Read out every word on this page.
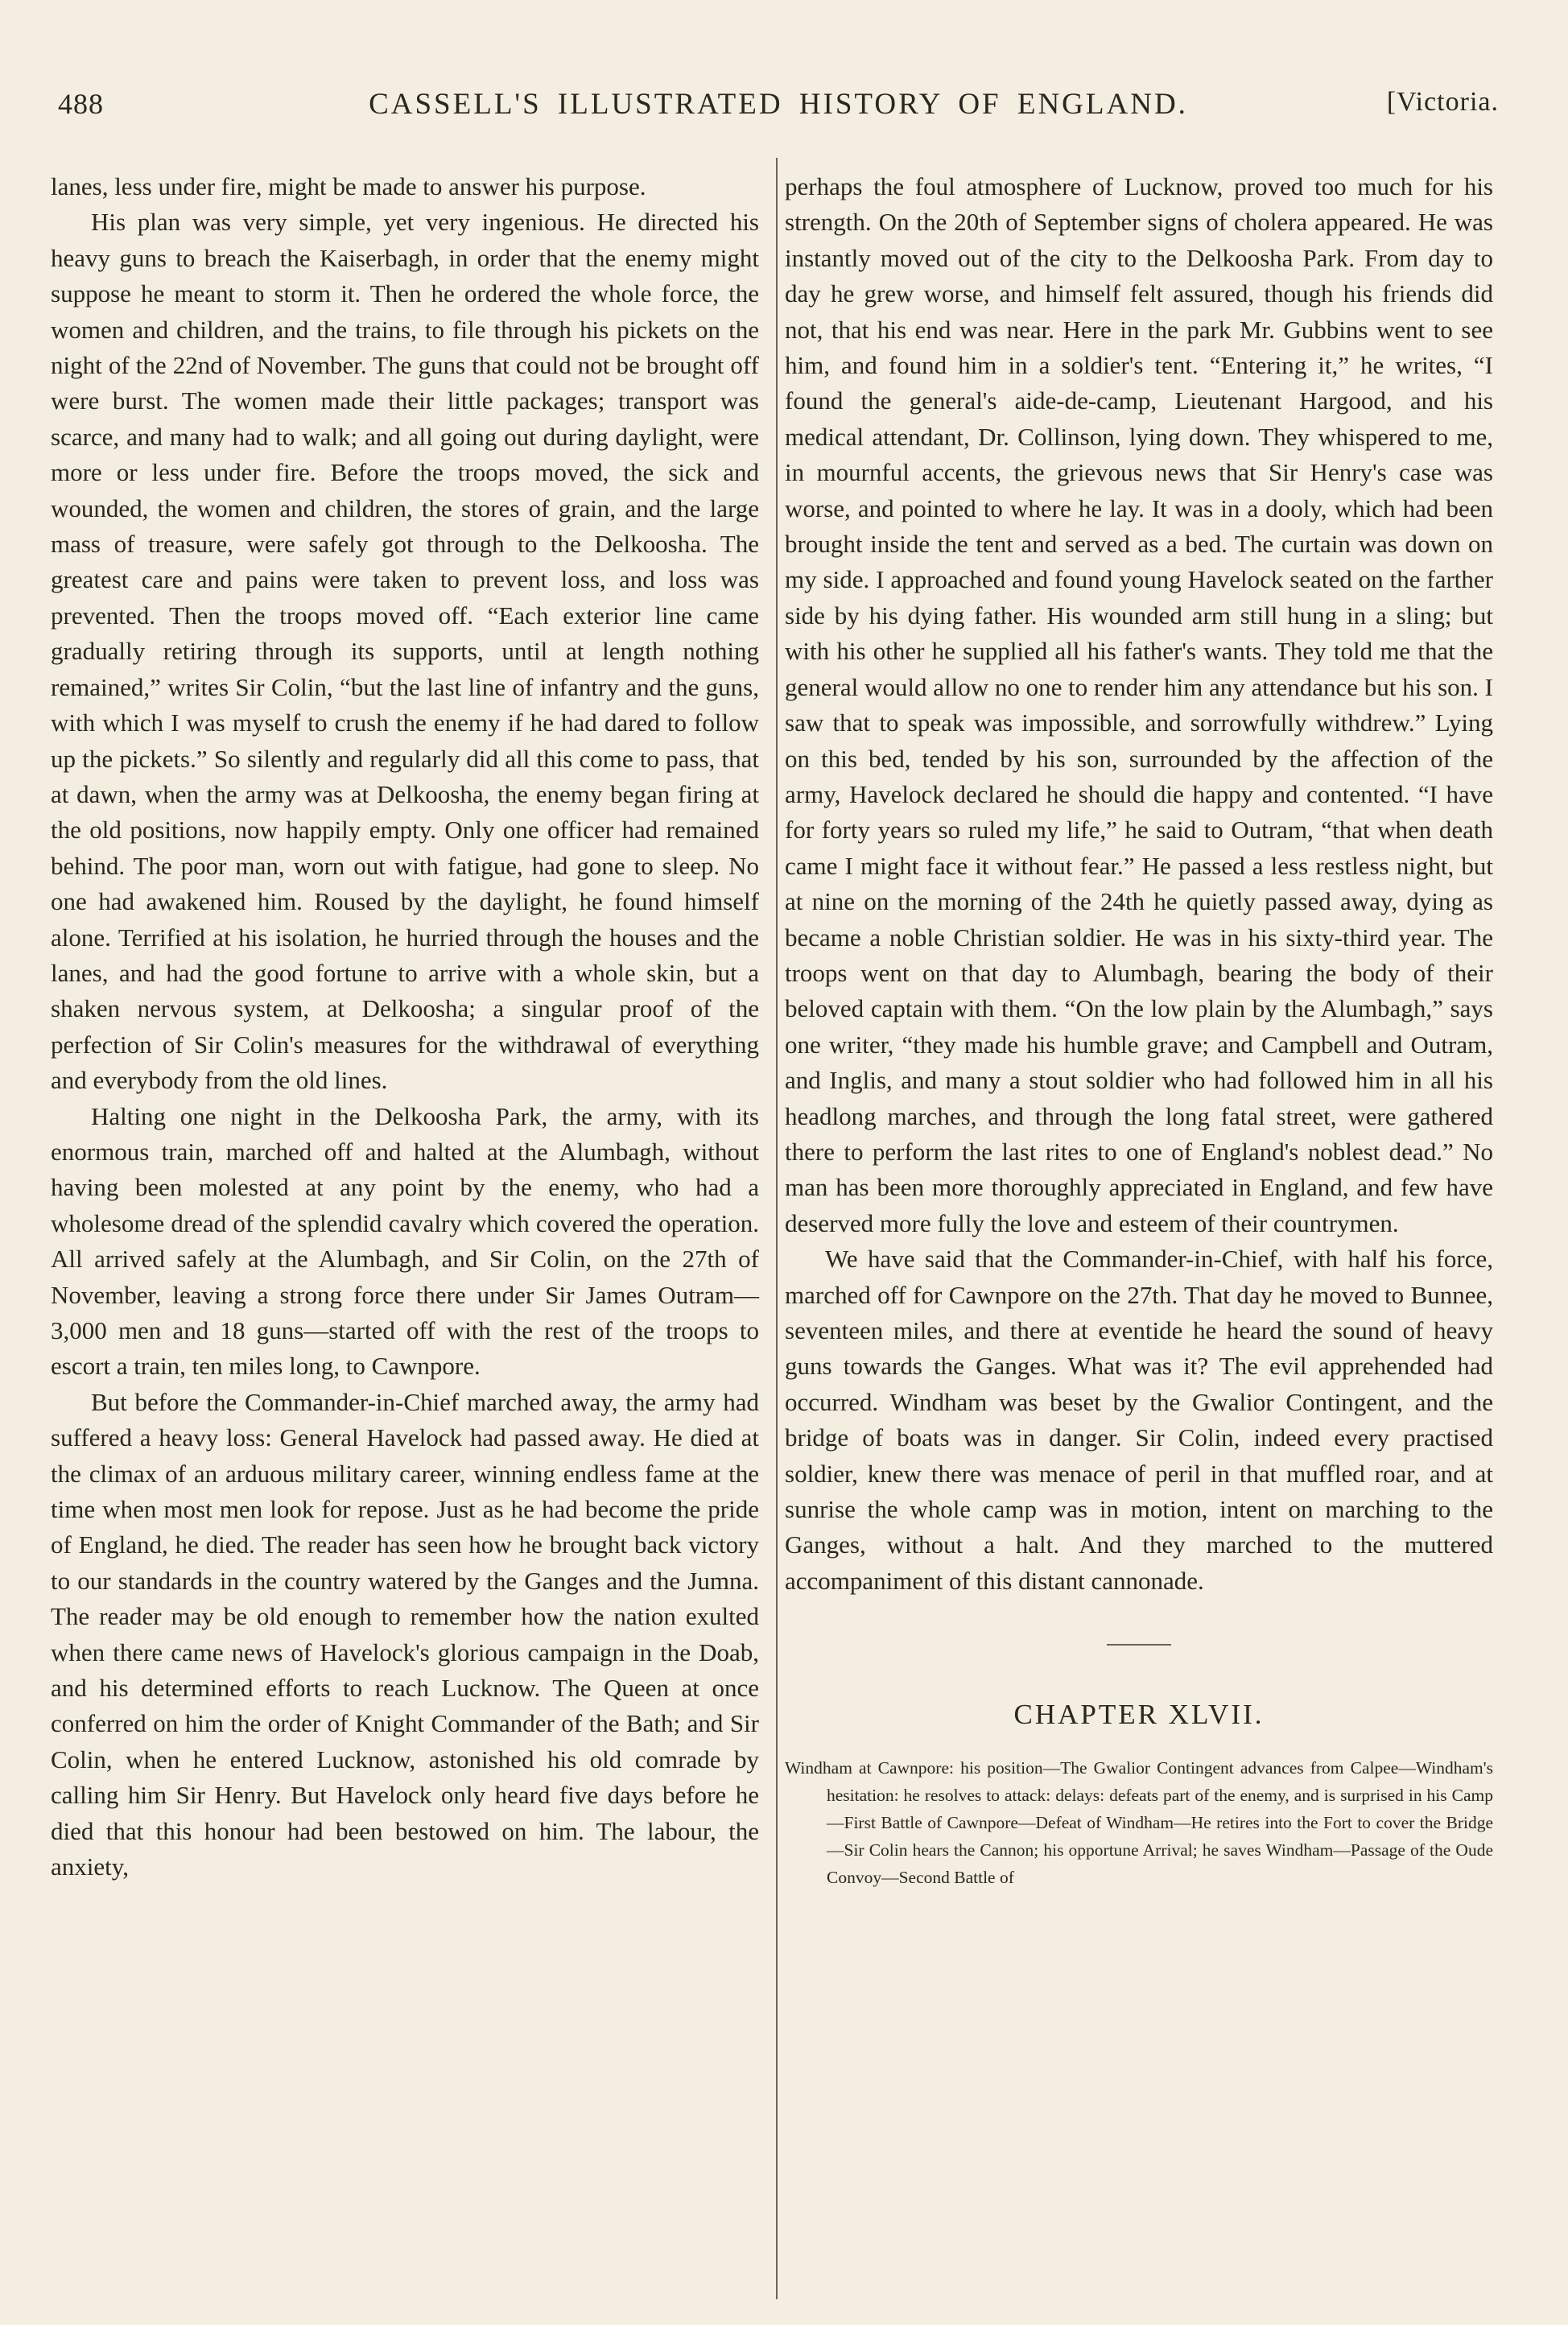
488	CASSELL'S ILLUSTRATED HISTORY OF ENGLAND.	[Victoria.

lanes, less under fire, might be made to answer his purpose.

His plan was very simple, yet very ingenious. He directed his heavy guns to breach the Kaiserbagh, in order that the enemy might suppose he meant to storm it. Then he ordered the whole force, the women and children, and the trains, to file through his pickets on the night of the 22nd of November. The guns that could not be brought off were burst. The women made their little packages; transport was scarce, and many had to walk; and all going out during daylight, were more or less under fire. Before the troops moved, the sick and wounded, the women and children, the stores of grain, and the large mass of treasure, were safely got through to the Delkoosha. The greatest care and pains were taken to prevent loss, and loss was prevented. Then the troops moved off. “Each exterior line came gradually retiring through its supports, until at length nothing remained,” writes Sir Colin, “but the last line of infantry and the guns, with which I was myself to crush the enemy if he had dared to follow up the pickets.” So silently and regularly did all this come to pass, that at dawn, when the army was at Delkoosha, the enemy began firing at the old positions, now happily empty. Only one officer had remained behind. The poor man, worn out with fatigue, had gone to sleep. No one had awakened him. Roused by the daylight, he found himself alone. Terrified at his isolation, he hurried through the houses and the lanes, and had the good fortune to arrive with a whole skin, but a shaken nervous system, at Delkoosha; a singular proof of the perfection of Sir Colin's measures for the withdrawal of everything and everybody from the old lines.

Halting one night in the Delkoosha Park, the army, with its enormous train, marched off and halted at the Alumbagh, without having been molested at any point by the enemy, who had a wholesome dread of the splendid cavalry which covered the operation. All arrived safely at the Alumbagh, and Sir Colin, on the 27th of November, leaving a strong force there under Sir James Outram—3,000 men and 18 guns—started off with the rest of the troops to escort a train, ten miles long, to Cawnpore.

But before the Commander-in-Chief marched away, the army had suffered a heavy loss: General Havelock had passed away. He died at the climax of an arduous military career, winning endless fame at the time when most men look for repose. Just as he had become the pride of England, he died. The reader has seen how he brought back victory to our standards in the country watered by the Ganges and the Jumna. The reader may be old enough to remember how the nation exulted when there came news of Havelock's glorious campaign in the Doab, and his determined efforts to reach Lucknow. The Queen at once conferred on him the order of Knight Commander of the Bath; and Sir Colin, when he entered Lucknow, astonished his old comrade by calling him Sir Henry. But Havelock only heard five days before he died that this honour had been bestowed on him. The labour, the anxiety,

perhaps the foul atmosphere of Lucknow, proved too much for his strength. On the 20th of September signs of cholera appeared. He was instantly moved out of the city to the Delkoosha Park. From day to day he grew worse, and himself felt assured, though his friends did not, that his end was near. Here in the park Mr. Gubbins went to see him, and found him in a soldier's tent. “Entering it,” he writes, “I found the general's aide-de-camp, Lieutenant Hargood, and his medical attendant, Dr. Collinson, lying down. They whispered to me, in mournful accents, the grievous news that Sir Henry's case was worse, and pointed to where he lay. It was in a dooly, which had been brought inside the tent and served as a bed. The curtain was down on my side. I approached and found young Havelock seated on the farther side by his dying father. His wounded arm still hung in a sling; but with his other he supplied all his father's wants. They told me that the general would allow no one to render him any attendance but his son. I saw that to speak was impossible, and sorrowfully withdrew.” Lying on this bed, tended by his son, surrounded by the affection of the army, Havelock declared he should die happy and contented. “I have for forty years so ruled my life,” he said to Outram, “that when death came I might face it without fear.” He passed a less restless night, but at nine on the morning of the 24th he quietly passed away, dying as became a noble Christian soldier. He was in his sixty-third year. The troops went on that day to Alumbagh, bearing the body of their beloved captain with them. “On the low plain by the Alumbagh,” says one writer, “they made his humble grave; and Campbell and Outram, and Inglis, and many a stout soldier who had followed him in all his headlong marches, and through the long fatal street, were gathered there to perform the last rites to one of England's noblest dead.” No man has been more thoroughly appreciated in England, and few have deserved more fully the love and esteem of their countrymen.

We have said that the Commander-in-Chief, with half his force, marched off for Cawnpore on the 27th. That day he moved to Bunnee, seventeen miles, and there at eventide he heard the sound of heavy guns towards the Ganges. What was it? The evil apprehended had occurred. Windham was beset by the Gwalior Contingent, and the bridge of boats was in danger. Sir Colin, indeed every practised soldier, knew there was menace of peril in that muffled roar, and at sunrise the whole camp was in motion, intent on marching to the Ganges, without a halt. And they marched to the muttered accompaniment of this distant cannonade.

CHAPTER XLVII.
Windham at Cawnpore: his position—The Gwalior Contingent advances from Calpee—Windham's hesitation: he resolves to attack: delays: defeats part of the enemy, and is surprised in his Camp—First Battle of Cawnpore—Defeat of Windham—He retires into the Fort to cover the Bridge—Sir Colin hears the Cannon; his opportune Arrival; he saves Windham—Passage of the Oude Convoy—Second Battle of
